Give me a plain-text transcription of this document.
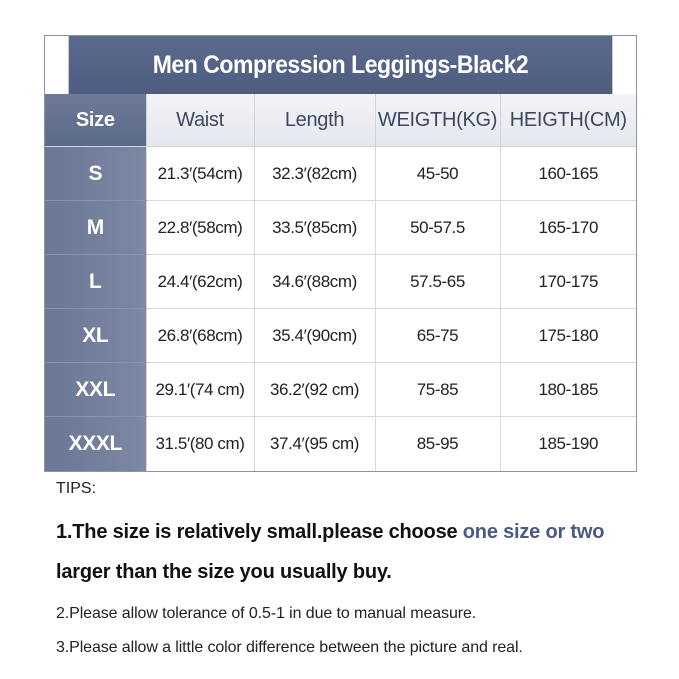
Men Compression Leggings-Black2
Size	Waist	Length	WEIGTH(KG)	HEIGTH(CM)
S	21.3′(54cm)	32.3′(82cm)	45-50	160-165
M	22.8′(58cm)	33.5′(85cm)	50-57.5	165-170
L	24.4′(62cm)	34.6′(88cm)	57.5-65	170-175
XL	26.8′(68cm)	35.4′(90cm)	65-75	175-180
XXL	29.1′(74 cm)	36.2′(92 cm)	75-85	180-185
XXXL	31.5′(80 cm)	37.4′(95 cm)	85-95	185-190
TIPS:
1.The size is relatively small.please choose one size or two
larger than the size you usually buy.
2.Please allow tolerance of 0.5-1 in due to manual measure.
3.Please allow a little color difference between the picture and real.
